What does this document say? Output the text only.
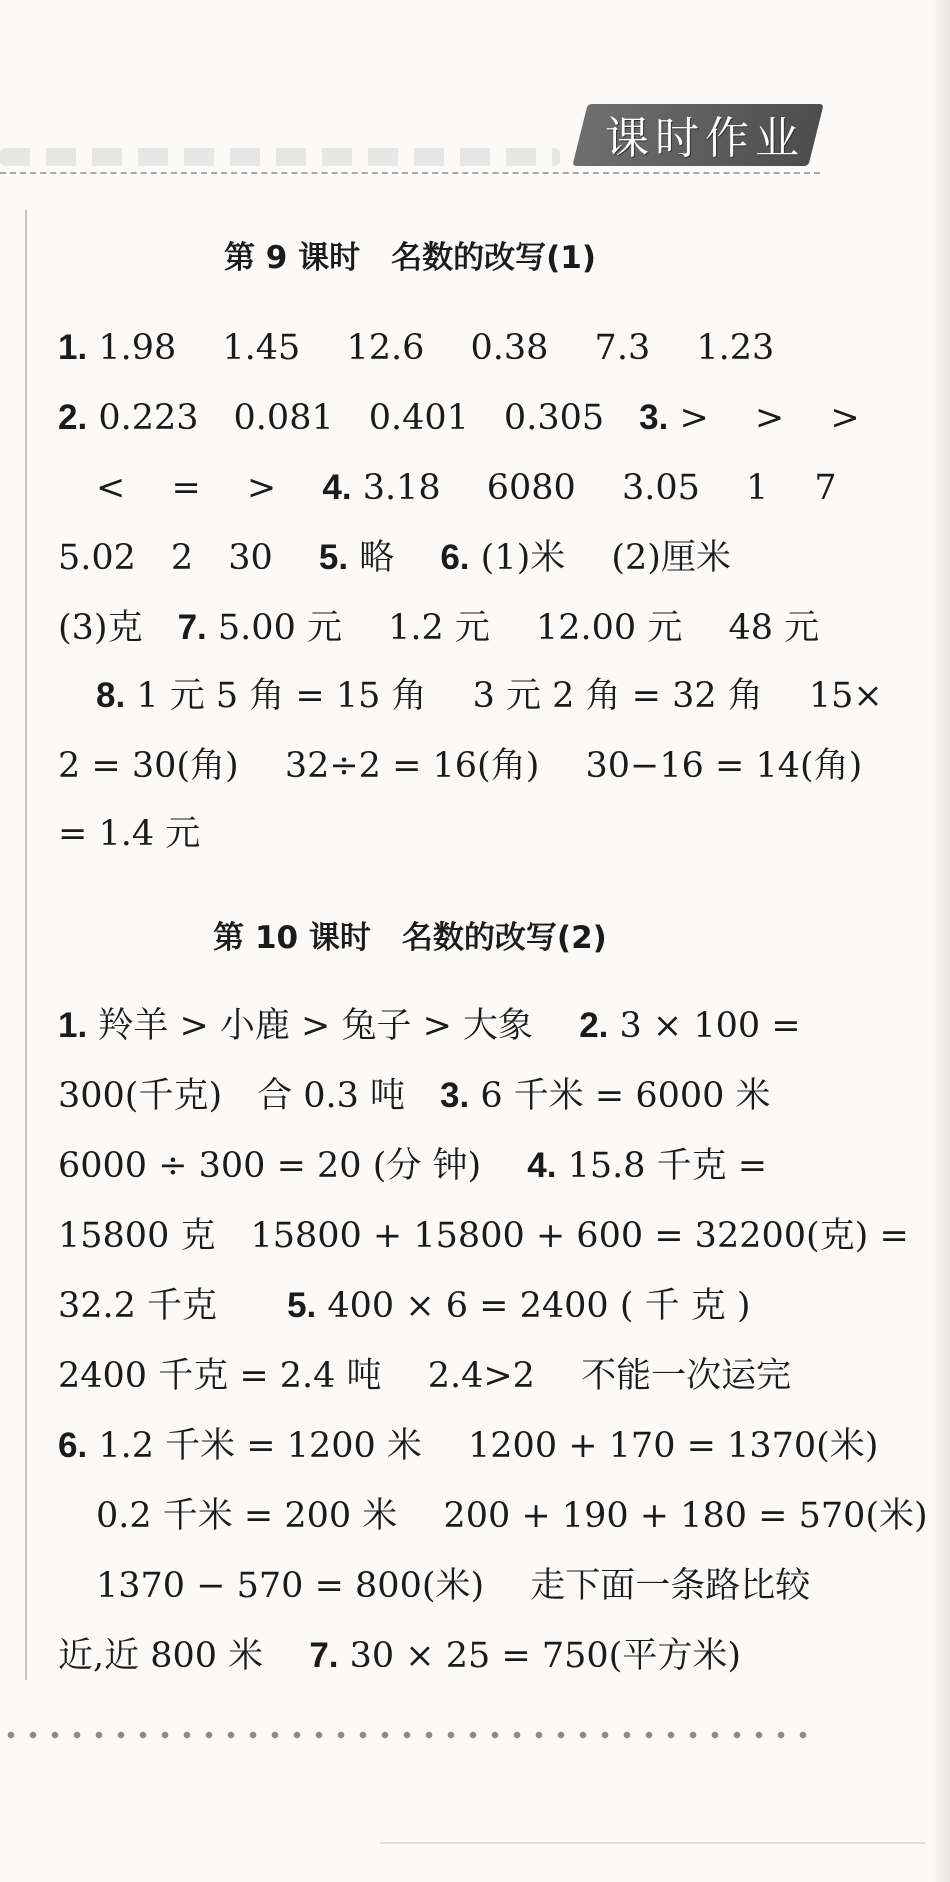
课时作业
第 9 课时　名数的改写(1)
1. 1.98　 1.45　 12.6　 0.38　 7.3　 1.23
2. 0.223　0.081　0.401　0.305　3. >　 >　 >
<　 =　 >　 4. 3.18　 6080　 3.05　 1　 7
5.02　2　30　 5. 略　 6. (1)米　 (2)厘米
(3)克　7. 5.00 元　 1.2 元　 12.00 元　 48 元
8. 1 元 5 角 = 15 角　 3 元 2 角 = 32 角　 15×
2 = 30(角)　 32÷2 = 16(角)　 30−16 = 14(角)
= 1.4 元
第 10 课时　名数的改写(2)
1. 羚羊 > 小鹿 > 兔子 > 大象　 2. 3 × 100 =
300(千克)　合 0.3 吨　3. 6 千米 = 6000 米
6000 ÷ 300 = 20 (分 钟)　 4. 15.8 千克 =
15800 克　15800 + 15800 + 600 = 32200(克) =
32.2 千克　　5. 400 × 6 = 2400 ( 千 克 )
2400 千克 = 2.4 吨　 2.4>2　 不能一次运完
6. 1.2 千米 = 1200 米　 1200 + 170 = 1370(米)
0.2 千米 = 200 米　 200 + 190 + 180 = 570(米)
1370 − 570 = 800(米)　 走下面一条路比较
近,近 800 米　 7. 30 × 25 = 750(平方米)
